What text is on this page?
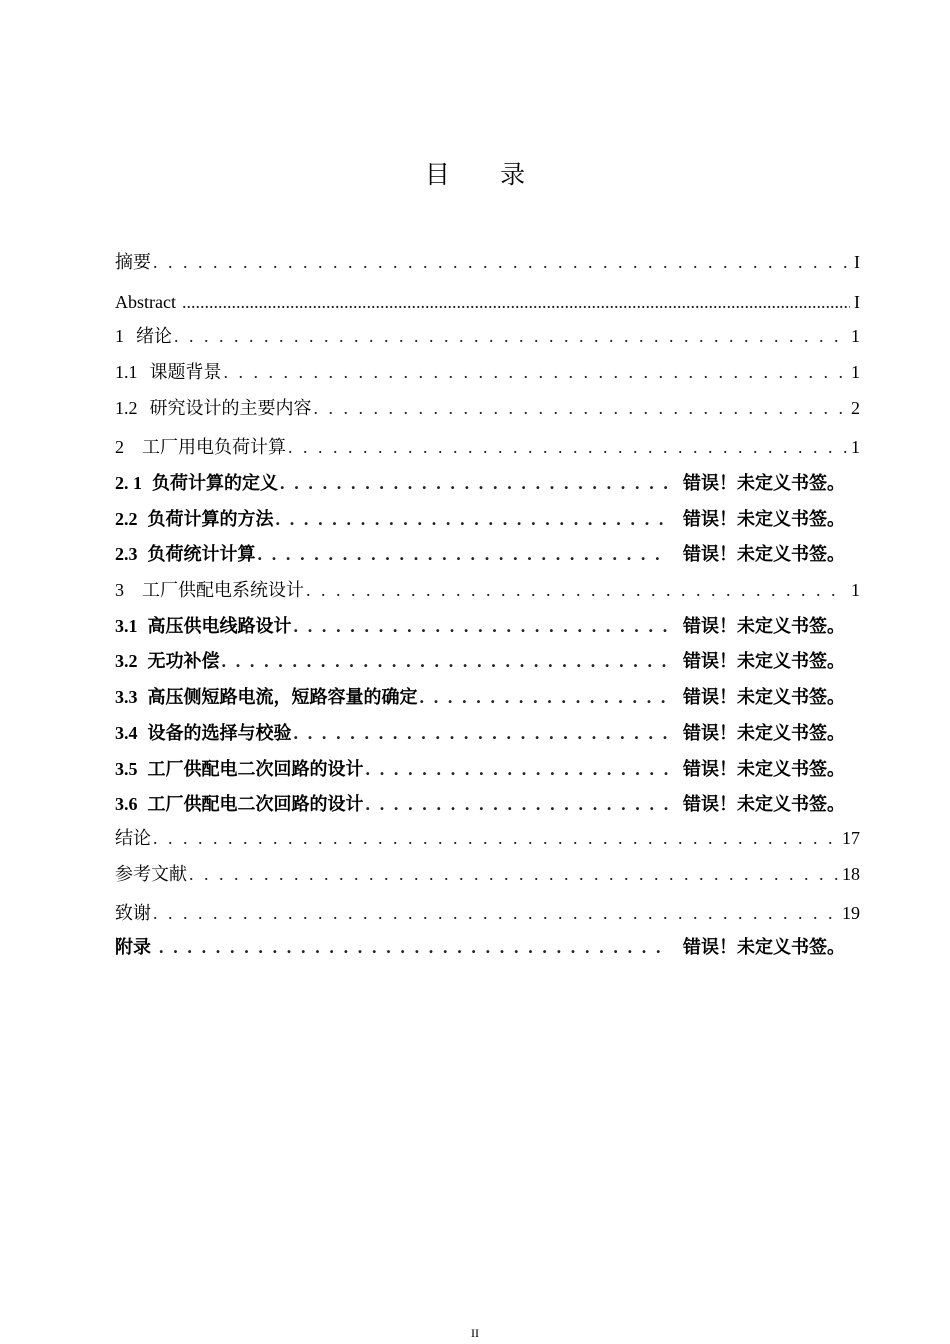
目 录
摘要 . . .	I
Abstract .....	I
1 绪论 . . .	1
1.1 课题背景 . . .	1
1.2 研究设计的主要内容 . . .	2
2 工厂用电负荷计算 . . .	1
2. 1 负荷计算的定义 . . .	错误！未定义书签。
2.2 负荷计算的方法 . . .	错误！未定义书签。
2.3 负荷统计计算 . . .	错误！未定义书签。
3 工厂供配电系统设计 . . .	1
3.1 高压供电线路设计 . . .	错误！未定义书签。
3.2 无功补偿 . . .	错误！未定义书签。
3.3 高压侧短路电流，短路容量的确定 . . .	错误！未定义书签。
3.4 设备的选择与校验 . . .	错误！未定义书签。
3.5 工厂供配电二次回路的设计 . . .	错误！未定义书签。
3.6 工厂供配电二次回路的设计 . . .	错误！未定义书签。
结论 . . .	17
参考文献 . . .	18
致谢 . . .	19
附录 . . .	错误！未定义书签。
II
